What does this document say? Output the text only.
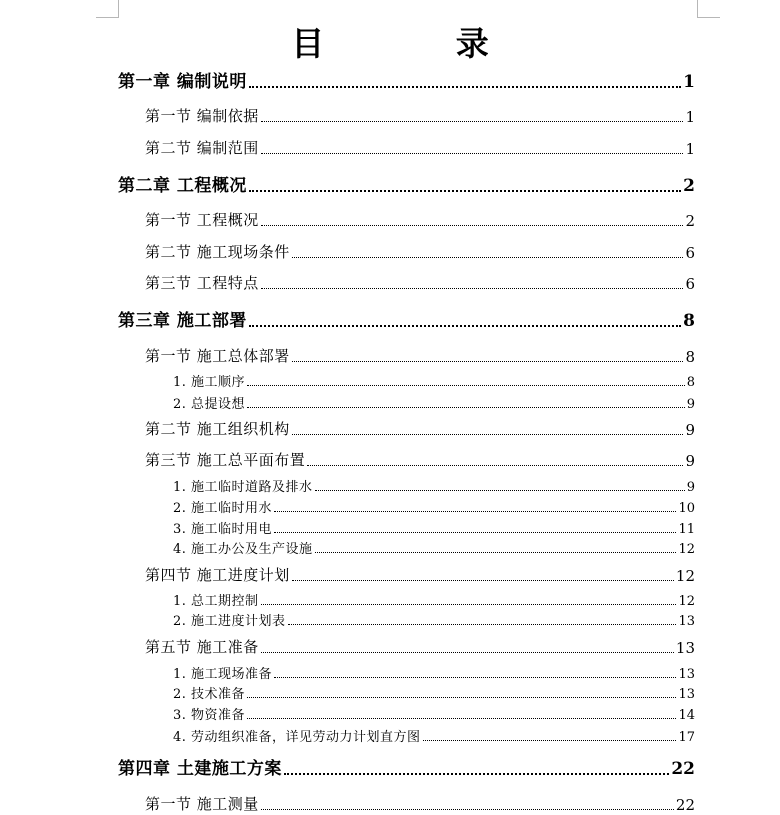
目 录
第一章 编制说明	1
第一节 编制依据	1
第二节 编制范围	1
第二章 工程概况	2
第一节 工程概况	2
第二节 施工现场条件	6
第三节 工程特点	6
第三章 施工部署	8
第一节 施工总体部署	8
1. 施工顺序	8
2. 总提设想	9
第二节 施工组织机构	9
第三节 施工总平面布置	9
1. 施工临时道路及排水	9
2. 施工临时用水	10
3. 施工临时用电	11
4. 施工办公及生产设施	12
第四节 施工进度计划	12
1. 总工期控制	12
2. 施工进度计划表	13
第五节 施工准备	13
1. 施工现场准备	13
2. 技术准备	13
3. 物资准备	14
4. 劳动组织准备，详见劳动力计划直方图	17
第四章 土建施工方案	22
第一节 施工测量	22
